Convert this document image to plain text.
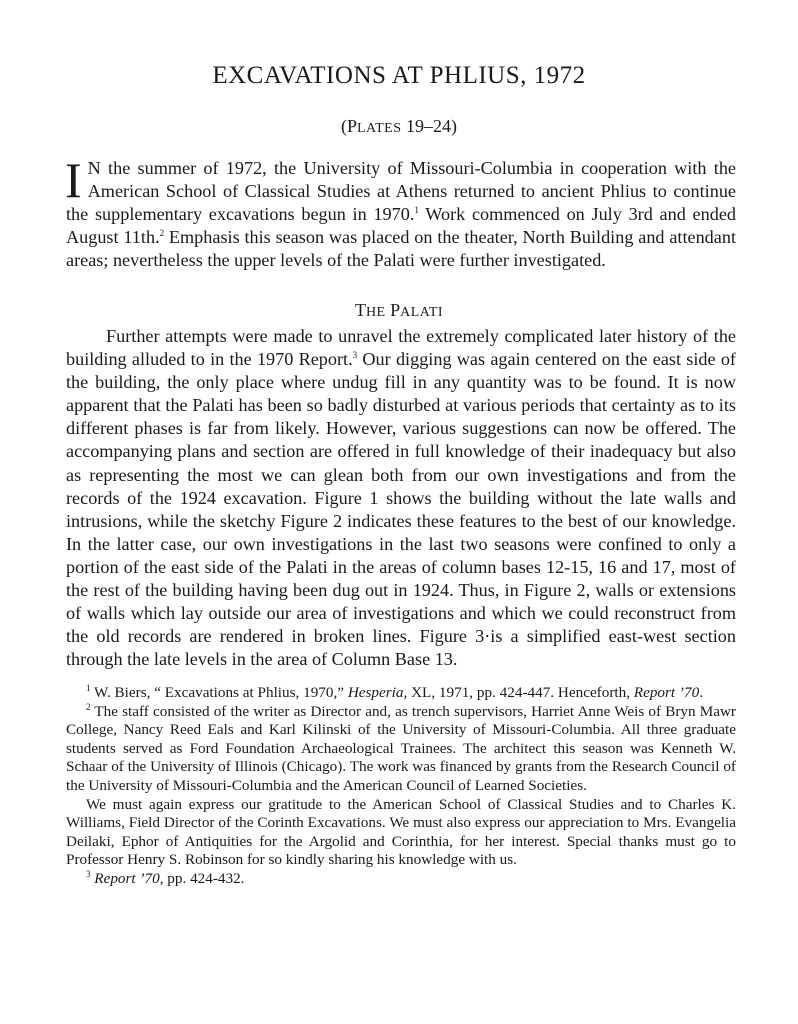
EXCAVATIONS AT PHLIUS, 1972
(PLATES 19–24)

I N the summer of 1972, the University of Missouri-Columbia in cooperation with the American School of Classical Studies at Athens returned to ancient Phlius to continue the supplementary excavations begun in 1970.$^1$ Work commenced on July 3rd and ended August 11th.$^2$ Emphasis this season was placed on the theater, North Building and attendant areas; nevertheless the upper levels of the Palati were further investigated.

THE PALATI

Further attempts were made to unravel the extremely complicated later history of the building alluded to in the 1970 Report.$^3$ Our digging was again centered on the east side of the building, the only place where undug fill in any quantity was to be found. It is now apparent that the Palati has been so badly disturbed at various periods that certainty as to its different phases is far from likely. However, various suggestions can now be offered. The accompanying plans and section are offered in full knowledge of their inadequacy but also as representing the most we can glean both from our own investigations and from the records of the 1924 excavation. Figure 1 shows the building without the late walls and intrusions, while the sketchy Figure 2 indicates these features to the best of our knowledge. In the latter case, our own investigations in the last two seasons were confined to only a portion of the east side of the Palati in the areas of column bases 12-15, 16 and 17, most of the rest of the building having been dug out in 1924. Thus, in Figure 2, walls or extensions of walls which lay outside our area of investigations and which we could reconstruct from the old records are rendered in broken lines. Figure 3·is a simplified east-west section through the late levels in the area of Column Base 13.

$^1$ W. Biers, “ Excavations at Phlius, 1970,” Hesperia, XL, 1971, pp. 424-447. Henceforth, Report ’70.

$^2$ The staff consisted of the writer as Director and, as trench supervisors, Harriet Anne Weis of Bryn Mawr College, Nancy Reed Eals and Karl Kilinski of the University of Missouri-Columbia. All three graduate students served as Ford Foundation Archaeological Trainees. The architect this season was Kenneth W. Schaar of the University of Illinois (Chicago). The work was financed by grants from the Research Council of the University of Missouri-Columbia and the American Council of Learned Societies.

We must again express our gratitude to the American School of Classical Studies and to Charles K. Williams, Field Director of the Corinth Excavations. We must also express our appreciation to Mrs. Evangelia Deilaki, Ephor of Antiquities for the Argolid and Corinthia, for her interest. Special thanks must go to Professor Henry S. Robinson for so kindly sharing his knowledge with us.

$^3$ Report ’70, pp. 424-432.
